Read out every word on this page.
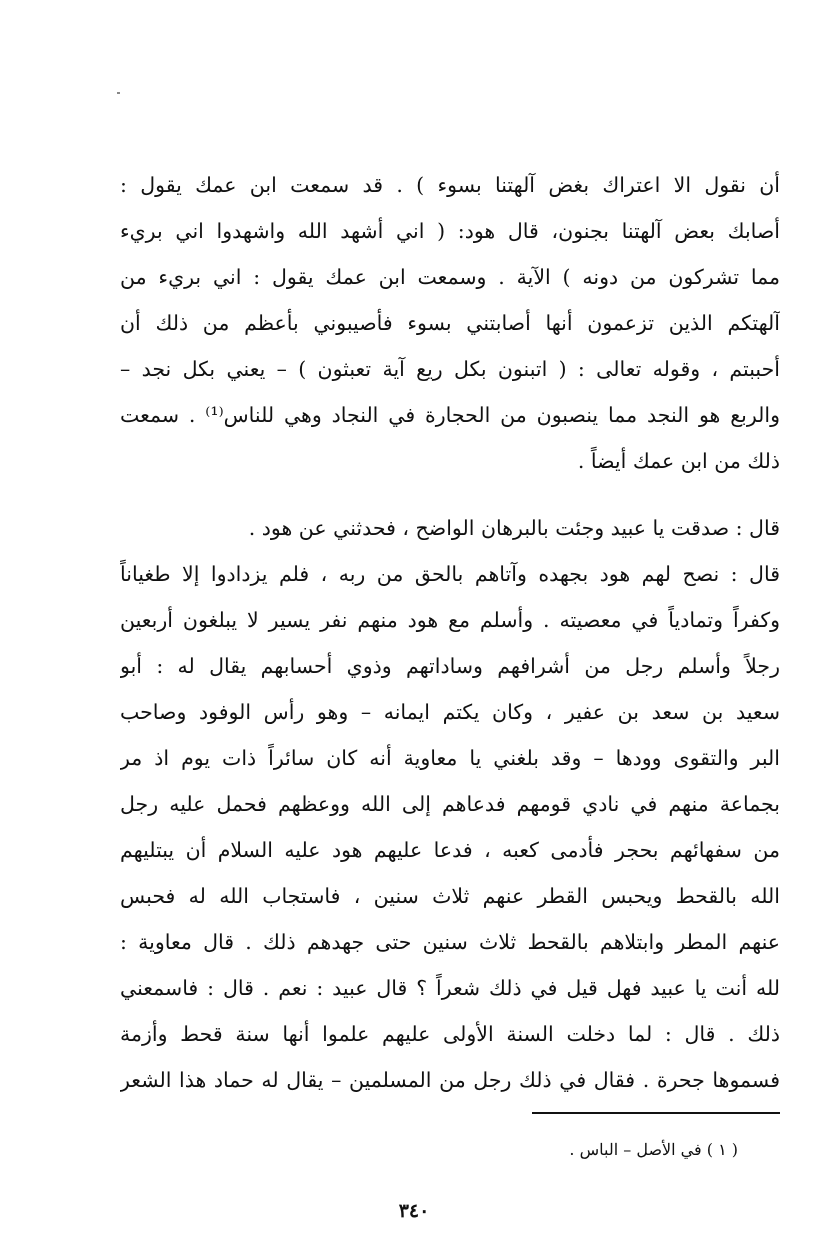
أن نقول الا اعتراك بغض آلهتنا بسوء ) . قد سمعت ابن عمك يقول :
أصابك بعض آلهتنا بجنون، قال هود: ( اني أشهد الله واشهدوا اني بريء
مما تشركون من دونه ) الآية . وسمعت ابن عمك يقول : اني بريء من
آلهتكم الذين تزعمون أنها أصابتني بسوء فأصيبوني بأعظم من ذلك أن
أحببتم ، وقوله تعالى : ( اتبنون بكل ريع آية تعبثون ) – يعني بكل نجد –
والربع هو النجد مما ينصبون من الحجارة في النجاد وهي للناس⁽¹⁾ . سمعت
ذلك من ابن عمك أيضاً .
قال : صدقت يا عبيد وجئت بالبرهان الواضح ، فحدثني عن هود .
قال : نصح لهم هود بجهده وآتاهم بالحق من ربه ، فلم يزدادوا إلا طغياناً
وكفراً وتمادياً في معصيته . وأسلم مع هود منهم نفر يسير لا يبلغون أربعين
رجلاً وأسلم رجل من أشرافهم وساداتهم وذوي أحسابهم يقال له : أبو
سعيد بن سعد بن عفير ، وكان يكتم ايمانه – وهو رأس الوفود وصاحب
البر والتقوى وودها – وقد بلغني يا معاوية أنه كان سائراً ذات يوم اذ مر
بجماعة منهم في نادي قومهم فدعاهم إلى الله ووعظهم فحمل عليه رجل
من سفهائهم بحجر فأدمى كعبه ، فدعا عليهم هود عليه السلام أن يبتليهم
الله بالقحط ويحبس القطر عنهم ثلاث سنين ، فاستجاب الله له فحبس
عنهم المطر وابتلاهم بالقحط ثلاث سنين حتى جهدهم ذلك . قال معاوية :
لله أنت يا عبيد فهل قيل في ذلك شعراً ؟ قال عبيد : نعم . قال : فاسمعني
ذلك . قال : لما دخلت السنة الأولى عليهم علموا أنها سنة قحط وأزمة
فسموها جحرة . فقال في ذلك رجل من المسلمين – يقال له حماد هذا الشعر
( ١ ) في الأصل – الباس .
٣٤٠
